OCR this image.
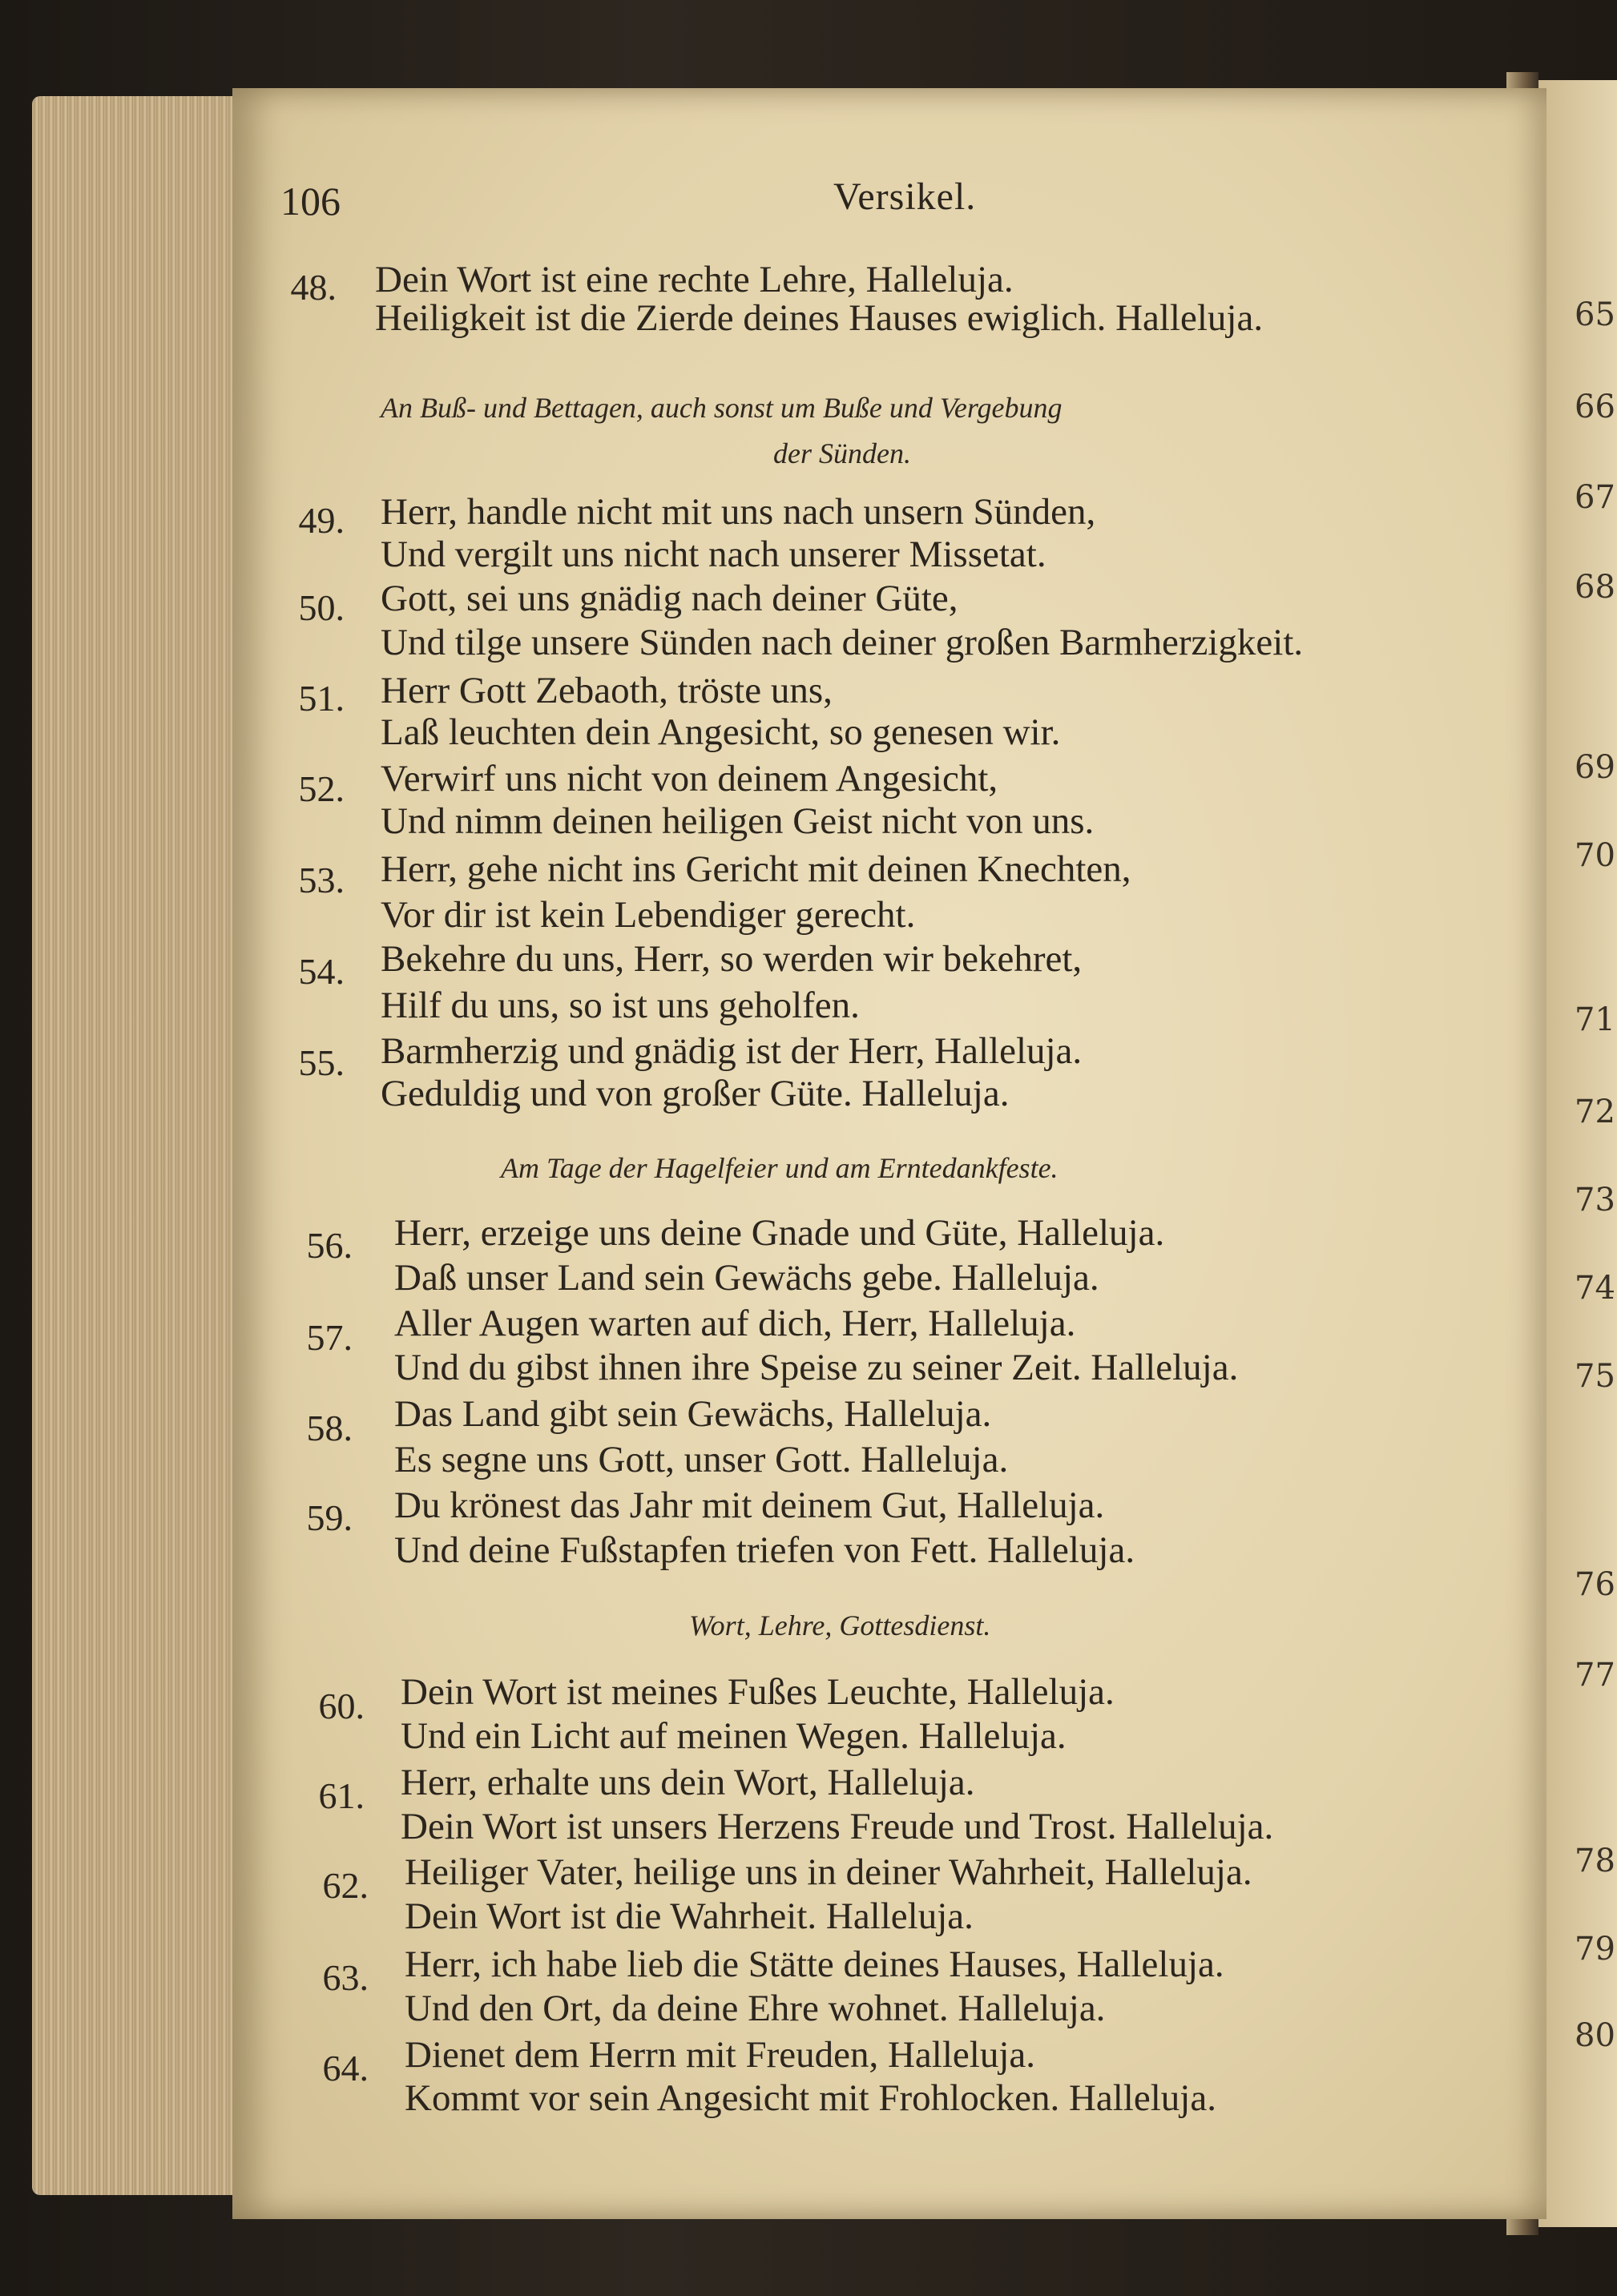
106	Versikel.
48. Dein Wort ist eine rechte Lehre, Halleluja.
Heiligkeit ist die Zierde deines Hauses ewiglich. Halleluja.
An Buß- und Bettagen, auch sonst um Buße und Vergebung
der Sünden.
49. Herr, handle nicht mit uns nach unsern Sünden,
Und vergilt uns nicht nach unserer Missetat.
50. Gott, sei uns gnädig nach deiner Güte,
Und tilge unsere Sünden nach deiner großen Barmherzigkeit.
51. Herr Gott Zebaoth, tröste uns,
Laß leuchten dein Angesicht, so genesen wir.
52. Verwirf uns nicht von deinem Angesicht,
Und nimm deinen heiligen Geist nicht von uns.
53. Herr, gehe nicht ins Gericht mit deinen Knechten,
Vor dir ist kein Lebendiger gerecht.
54. Bekehre du uns, Herr, so werden wir bekehret,
Hilf du uns, so ist uns geholfen.
55. Barmherzig und gnädig ist der Herr, Halleluja.
Geduldig und von großer Güte. Halleluja.
Am Tage der Hagelfeier und am Erntedankfeste.
56. Herr, erzeige uns deine Gnade und Güte, Halleluja.
Daß unser Land sein Gewächs gebe. Halleluja.
57. Aller Augen warten auf dich, Herr, Halleluja.
Und du gibst ihnen ihre Speise zu seiner Zeit. Halleluja.
58. Das Land gibt sein Gewächs, Halleluja.
Es segne uns Gott, unser Gott. Halleluja.
59. Du krönest das Jahr mit deinem Gut, Halleluja.
Und deine Fußstapfen triefen von Fett. Halleluja.
Wort, Lehre, Gottesdienst.
60. Dein Wort ist meines Fußes Leuchte, Halleluja.
Und ein Licht auf meinen Wegen. Halleluja.
61. Herr, erhalte uns dein Wort, Halleluja.
Dein Wort ist unsers Herzens Freude und Trost. Halleluja.
62. Heiliger Vater, heilige uns in deiner Wahrheit, Halleluja.
Dein Wort ist die Wahrheit. Halleluja.
63. Herr, ich habe lieb die Stätte deines Hauses, Halleluja.
Und den Ort, da deine Ehre wohnet. Halleluja.
64. Dienet dem Herrn mit Freuden, Halleluja.
Kommt vor sein Angesicht mit Frohlocken. Halleluja.
65
66
67
68
69
70
71
72
73
74
75
76
77
78
79
80
